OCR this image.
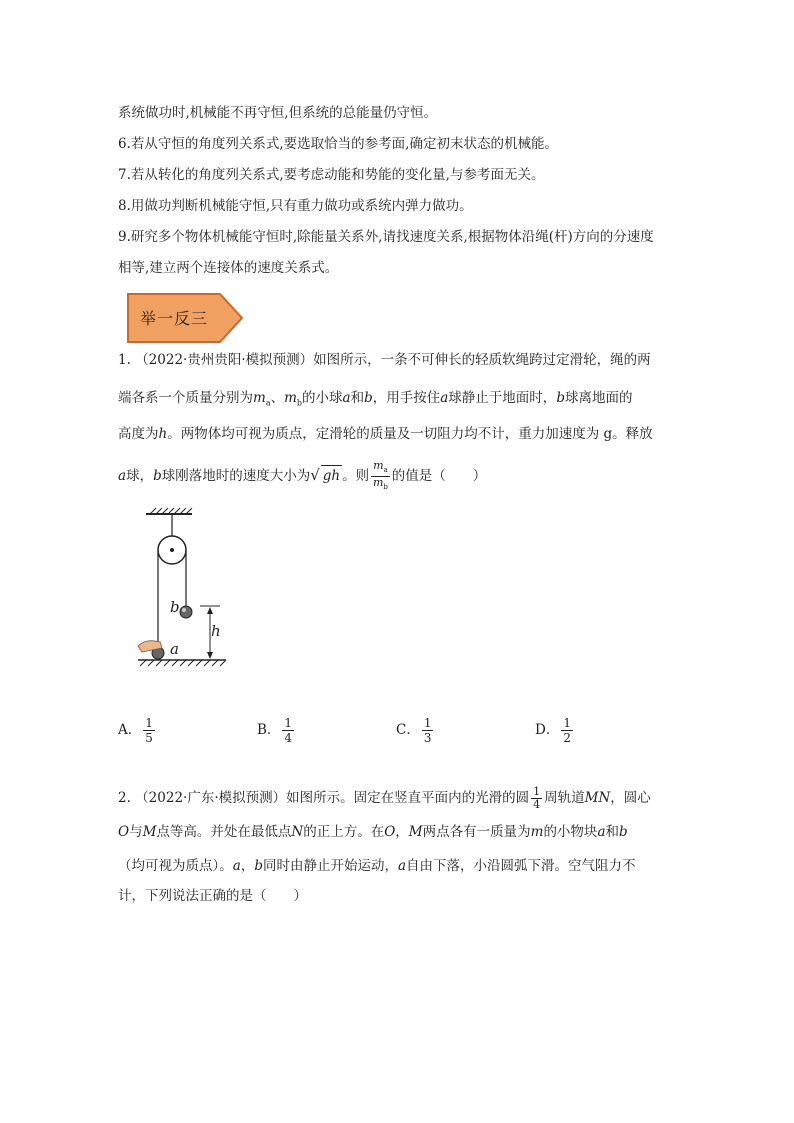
系统做功时,机械能不再守恒,但系统的总能量仍守恒。
6.若从守恒的角度列关系式,要选取恰当的参考面,确定初末状态的机械能。
7.若从转化的角度列关系式,要考虑动能和势能的变化量,与参考面无关。
8.用做功判断机械能守恒,只有重力做功或系统内弹力做功。
9.研究多个物体机械能守恒时,除能量关系外,请找速度关系,根据物体沿绳(杆)方向的分速度
相等,建立两个连接体的速度关系式。
举一反三
1. （2022·贵州贵阳·模拟预测）如图所示，一条不可伸长的轻质软绳跨过定滑轮，绳的两
端各系一个质量分别为$m_a$、$m_b$的小球a和b，用手按住a球静止于地面时，b球离地面的
高度为h。两物体均可视为质点，定滑轮的质量及一切阻力均不计，重力加速度为 g。释放
a球，b球刚落地时的速度大小为√ gh 。则 $\frac{m_a}{m_b}$ 的值是（　　）
b
h
a
A． $\frac{1}{5}$	B． $\frac{1}{4}$	C． $\frac{1}{3}$	D． $\frac{1}{2}$
2. （2022·广东·模拟预测）如图所示。固定在竖直平面内的光滑的圆 $\frac{1}{4}$ 周轨道MN，圆心
O与M点等高。并处在最低点N的正上方。在O，M两点各有一质量为m的小物块a和b
（均可视为质点）。a，b同时由静止开始运动，a自由下落，小沿圆弧下滑。空气阻力不
计，下列说法正确的是（　　）
